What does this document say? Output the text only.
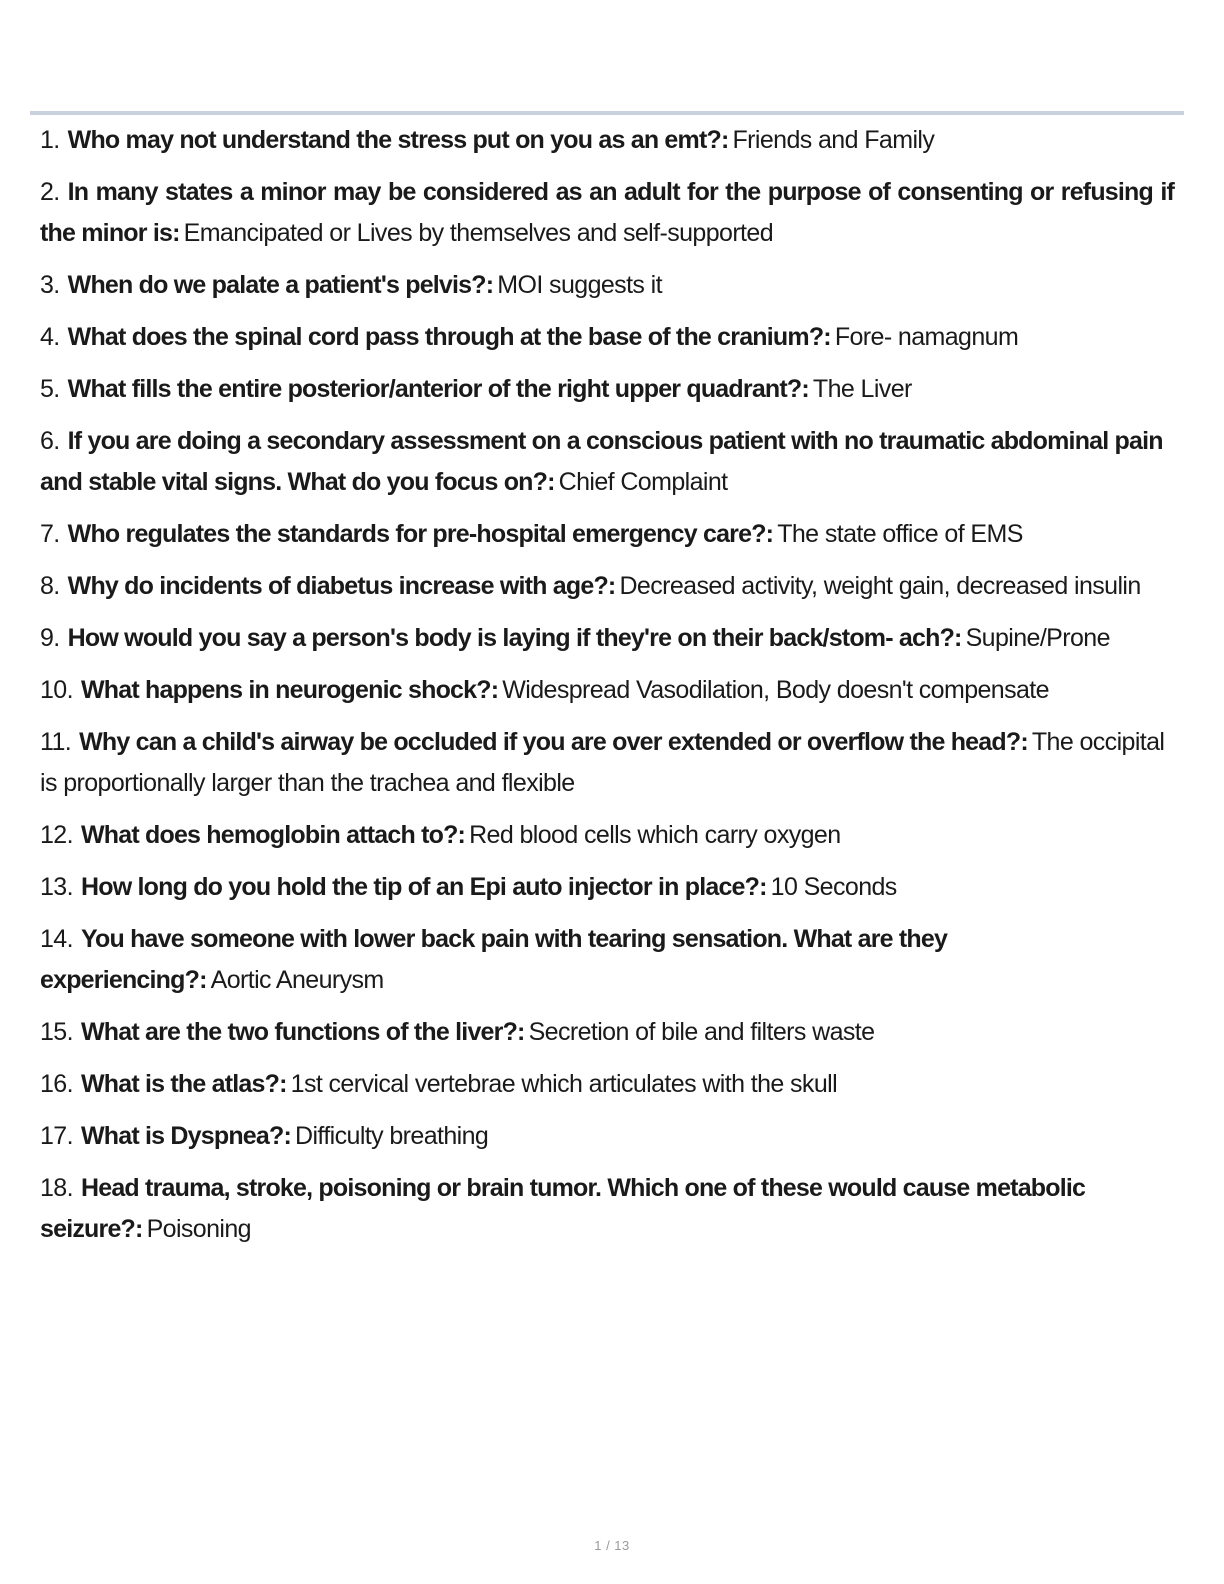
1. Who may not understand the stress put on you as an emt?: Friends and Family
2. In many states a minor may be considered as an adult for the purpose of consenting or refusing if the minor is: Emancipated or Lives by themselves and self-supported
3. When do we palate a patient's pelvis?: MOI suggests it
4. What does the spinal cord pass through at the base of the cranium?: Fore- namagnum
5. What fills the entire posterior/anterior of the right upper quadrant?: The Liver
6. If you are doing a secondary assessment on a conscious patient with no traumatic abdominal pain and stable vital signs. What do you focus on?: Chief Complaint
7. Who regulates the standards for pre-hospital emergency care?: The state office of EMS
8. Why do incidents of diabetus increase with age?: Decreased activity, weight gain, decreased insulin
9. How would you say a person's body is laying if they're on their back/stom- ach?: Supine/Prone
10. What happens in neurogenic shock?: Widespread Vasodilation, Body doesn't compensate
11. Why can a child's airway be occluded if you are over extended or overflow the head?: The occipital is proportionally larger than the trachea and flexible
12. What does hemoglobin attach to?: Red blood cells which carry oxygen
13. How long do you hold the tip of an Epi auto injector in place?: 10 Seconds
14. You have someone with lower back pain with tearing sensation. What are they experiencing?: Aortic Aneurysm
15. What are the two functions of the liver?: Secretion of bile and filters waste
16. What is the atlas?: 1st cervical vertebrae which articulates with the skull
17. What is Dyspnea?: Difficulty breathing
18. Head trauma, stroke, poisoning or brain tumor. Which one of these would cause metabolic seizure?: Poisoning
1 / 13
